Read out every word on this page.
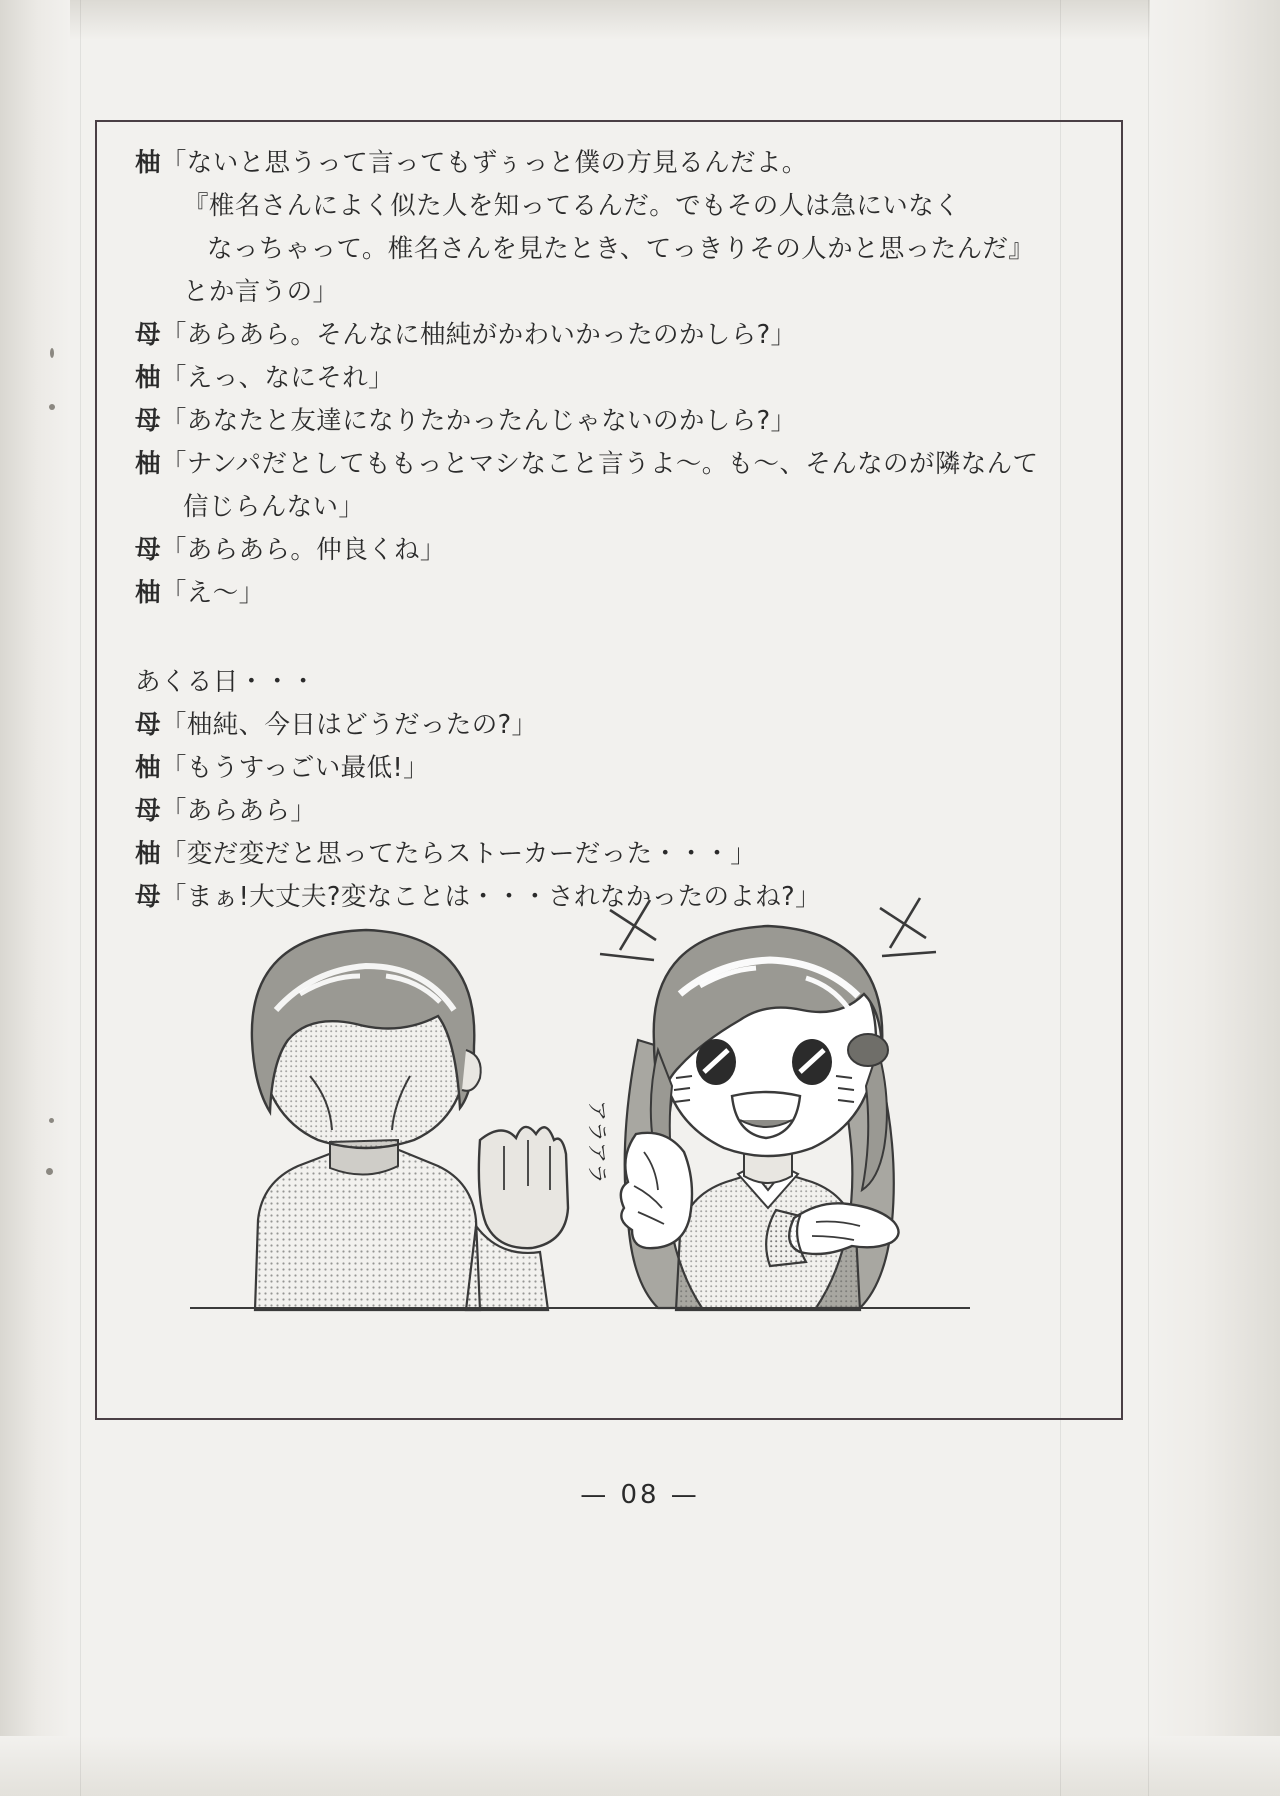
柚「ないと思うって言ってもずぅっと僕の方見るんだよ。
『椎名さんによく似た人を知ってるんだ。でもその人は急にいなく
なっちゃって。椎名さんを見たとき、てっきりその人かと思ったんだ』
とか言うの」
母「あらあら。そんなに柚純がかわいかったのかしら?」
柚「えっ、なにそれ」
母「あなたと友達になりたかったんじゃないのかしら?」
柚「ナンパだとしてももっとマシなこと言うよ〜。も〜、そんなのが隣なんて
信じらんない」
母「あらあら。仲良くね」
柚「え〜」
あくる日・・・
母「柚純、今日はどうだったの?」
柚「もうすっごい最低!」
母「あらあら」
柚「変だ変だと思ってたらストーカーだった・・・」
母「まぁ!大丈夫?変なことは・・・されなかったのよね?」
アラアラ
— 08 —
